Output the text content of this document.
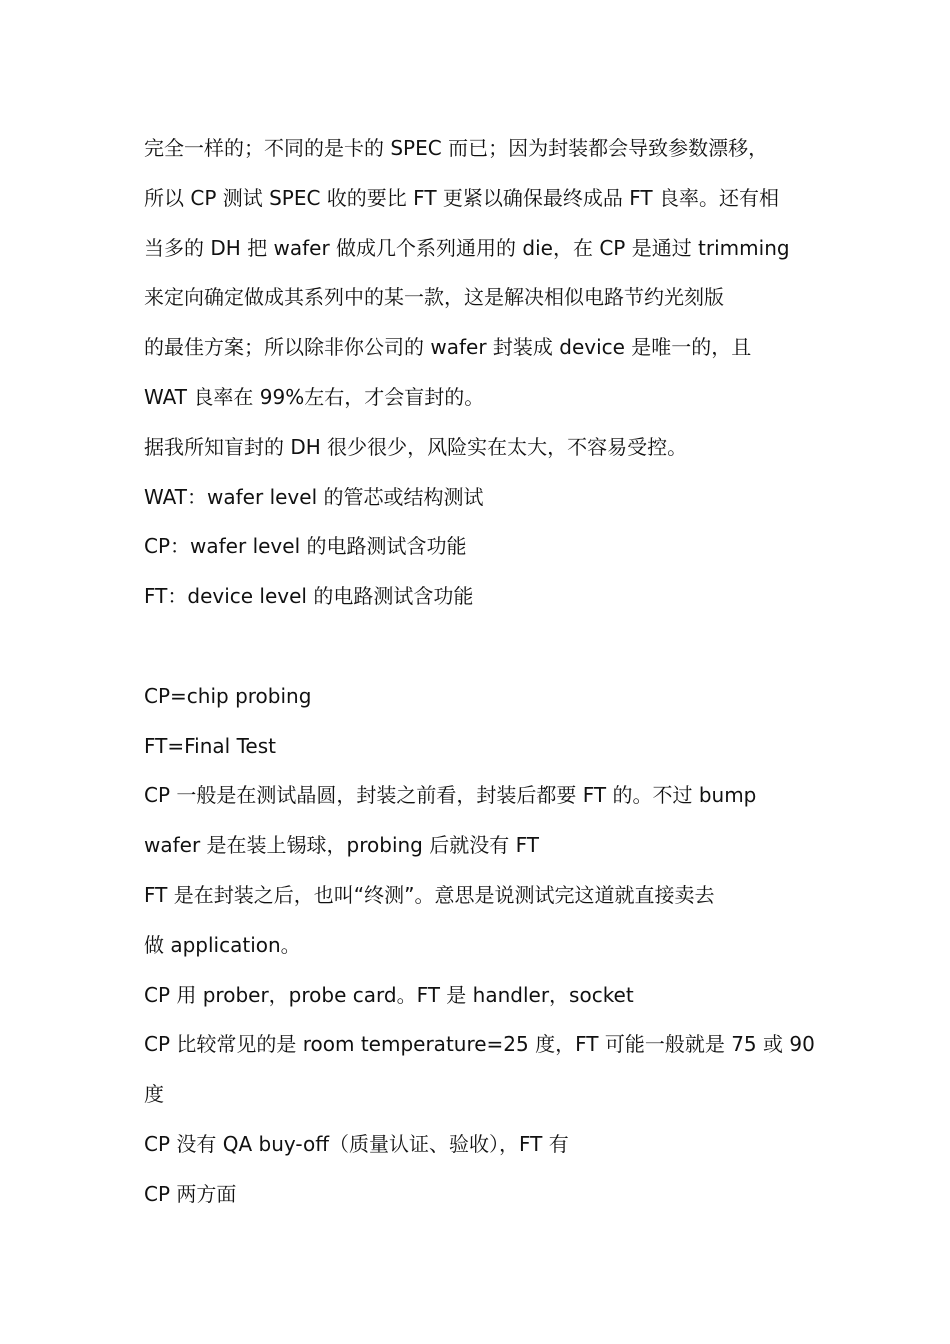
完全一样的；不同的是卡的 SPEC 而已；因为封装都会导致参数漂移，
所以 CP 测试 SPEC 收的要比 FT 更紧以确保最终成品 FT 良率。还有相
当多的 DH 把 wafer 做成几个系列通用的 die，在 CP 是通过 trimming
来定向确定做成其系列中的某一款，这是解决相似电路节约光刻版
的最佳方案；所以除非你公司的 wafer 封装成 device 是唯一的，且
WAT 良率在 99%左右，才会盲封的。
据我所知盲封的 DH 很少很少，风险实在太大，不容易受控。
WAT：wafer level 的管芯或结构测试
CP：wafer level 的电路测试含功能
FT：device level 的电路测试含功能
CP=chip probing
FT=Final Test
CP 一般是在测试晶圆，封装之前看，封装后都要 FT 的。不过 bump
wafer 是在装上锡球，probing 后就没有 FT
FT 是在封装之后，也叫“终测”。意思是说测试完这道就直接卖去
做 application。
CP 用 prober，probe card。FT 是 handler，socket
CP 比较常见的是 room temperature=25 度，FT 可能一般就是 75 或 90
度
CP 没有 QA buy-off（质量认证、验收），FT 有
CP 两方面
